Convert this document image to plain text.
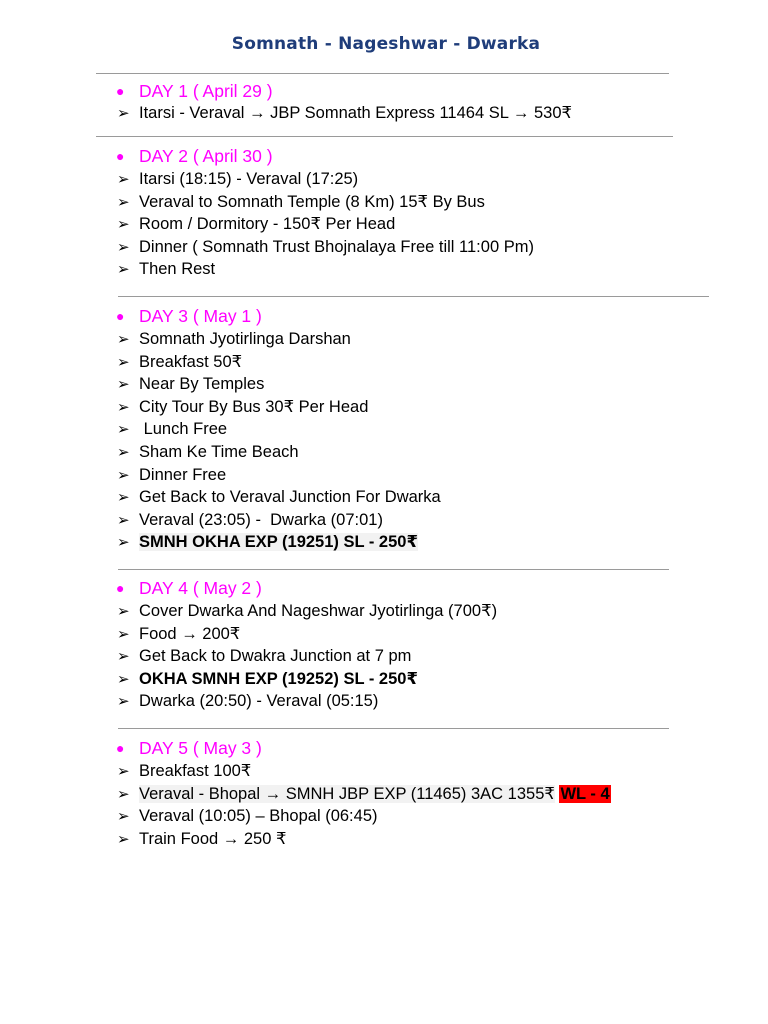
Somnath - Nageshwar - Dwarka
● DAY 1 ( April 29 )
➢ Itarsi - Veraval → JBP Somnath Express 11464 SL → 530₹
● DAY 2 ( April 30 )
➢ Itarsi (18:15) - Veraval (17:25)
➢ Veraval to Somnath Temple (8 Km) 15₹ By Bus
➢ Room / Dormitory - 150₹ Per Head
➢ Dinner ( Somnath Trust Bhojnalaya Free till 11:00 Pm)
➢ Then Rest
● DAY 3 ( May 1 )
➢ Somnath Jyotirlinga Darshan
➢ Breakfast 50₹
➢ Near By Temples
➢ City Tour By Bus 30₹ Per Head
➢ Lunch Free
➢ Sham Ke Time Beach
➢ Dinner Free
➢ Get Back to Veraval Junction For Dwarka
➢ Veraval (23:05) -  Dwarka (07:01)
➢ SMNH OKHA EXP (19251) SL - 250₹
● DAY 4 ( May 2 )
➢ Cover Dwarka And Nageshwar Jyotirlinga (700₹)
➢ Food → 200₹
➢ Get Back to Dwakra Junction at 7 pm
➢ OKHA SMNH EXP (19252) SL - 250₹
➢ Dwarka (20:50) - Veraval (05:15)
● DAY 5 ( May 3 )
➢ Breakfast 100₹
➢ Veraval - Bhopal → SMNH JBP EXP (11465) 3AC 1355₹ WL - 4
➢ Veraval (10:05) – Bhopal (06:45)
➢ Train Food → 250 ₹
